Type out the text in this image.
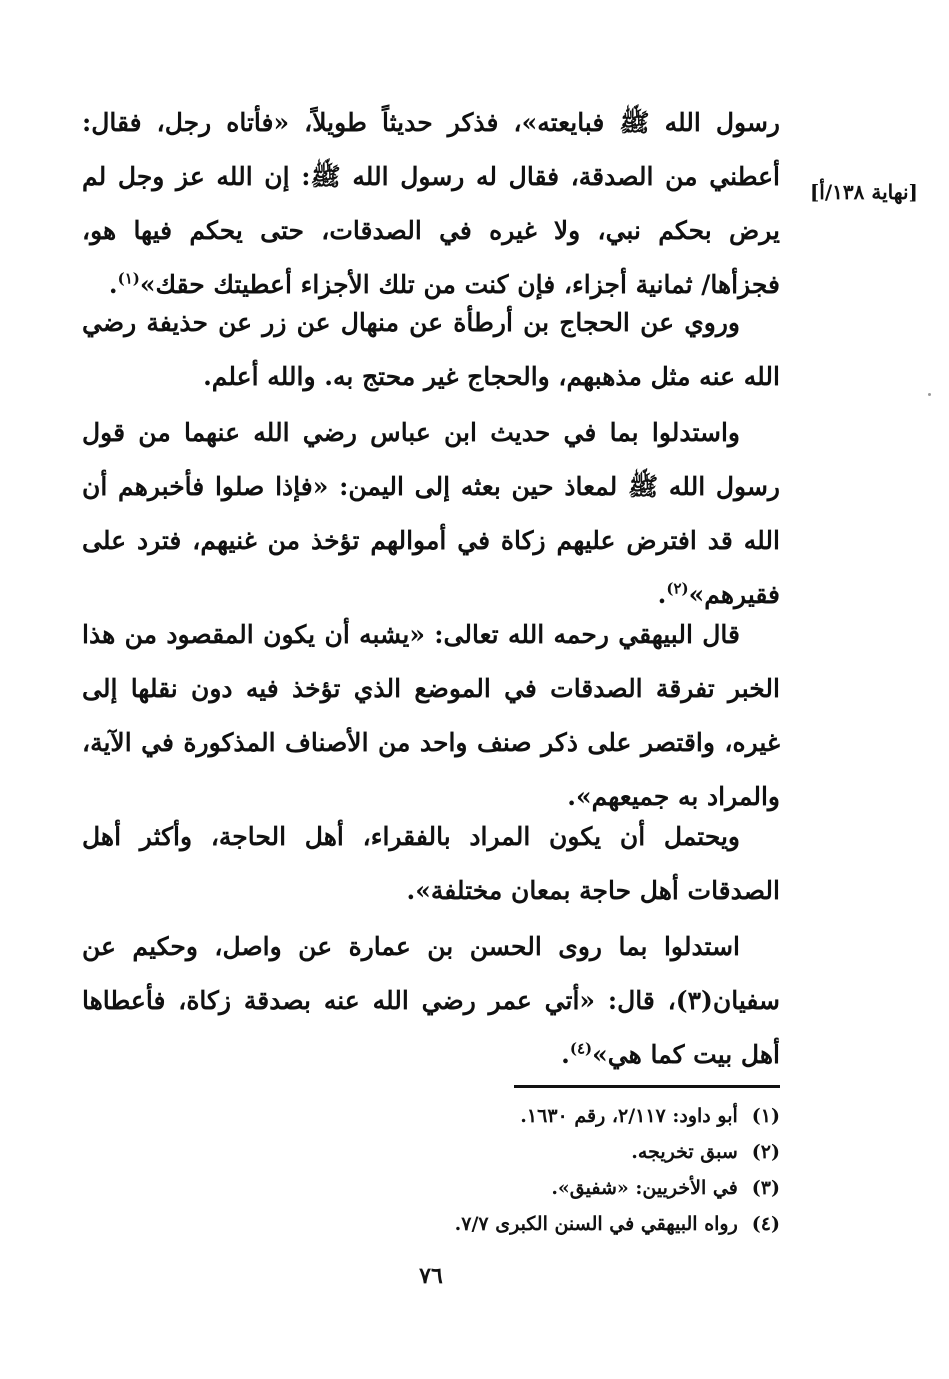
[نهاية ١٣٨/أ]

رسول الله ﷺ فبايعته»، فذكر حديثاً طويلاً، «فأتاه رجل، فقال: أعطني من الصدقة، فقال له رسول الله ﷺ: إن الله عز وجل لم يرض بحكم نبي، ولا غيره في الصدقات، حتى يحكم فيها هو، فجزأها/ ثمانية أجزاء، فإن كنت من تلك الأجزاء أعطيتك حقك»$^{(١)}$.

وروي عن الحجاج بن أرطأة عن منهال عن زر عن حذيفة رضي الله عنه مثل مذهبهم، والحجاج غير محتج به. والله أعلم.

واستدلوا بما في حديث ابن عباس رضي الله عنهما من قول رسول الله ﷺ لمعاذ حين بعثه إلى اليمن: «فإذا صلوا فأخبرهم أن الله قد افترض عليهم زكاة في أموالهم تؤخذ من غنيهم، فترد على فقيرهم»$^{(٢)}$.

قال البيهقي رحمه الله تعالى: «يشبه أن يكون المقصود من هذا الخبر تفرقة الصدقات في الموضع الذي تؤخذ فيه دون نقلها إلى غيره، واقتصر على ذكر صنف واحد من الأصناف المذكورة في الآية، والمراد به جميعهم».

ويحتمل أن يكون المراد بالفقراء، أهل الحاجة، وأكثر أهل الصدقات أهل حاجة بمعان مختلفة».

استدلوا بما روى الحسن بن عمارة عن واصل، وحكيم عن سفيان(٣)، قال: «أتي عمر رضي الله عنه بصدقة زكاة، فأعطاها أهل بيت كما هي»$^{(٤)}$.

(١)أبو داود: ٢/١١٧، رقم ١٦٣٠.

(٢)سبق تخريجه.

(٣)في الأخريين: «شفيق».

(٤)رواه البيهقي في السنن الكبرى ٧/٧.

٧٦
